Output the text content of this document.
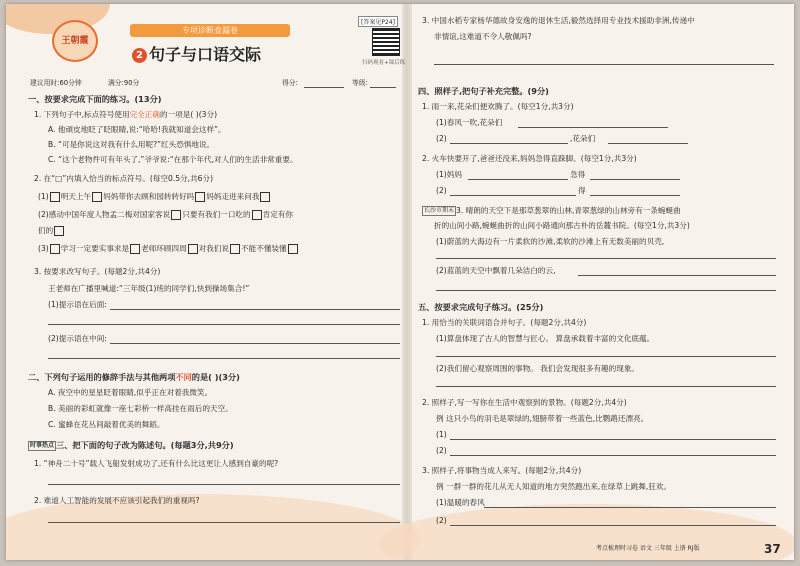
王朝霞
专项诊断查漏卷
2 句子与口语交际
[答案见P24]
扫码观看+课后练
建议用时:60分钟	满分:90分	得分:	等级:
一、按要求完成下面的练习。(13分)
1. 下列句子中,标点符号使用完全正确的一项是( )(3分)
A. 他頑皮地眨了眨眼睛,说:“哈哈!我就知道会这样”。
B. “可是你说这对我有什么用呢?”红头恐惧地说。
C. “这个老物件可有年头了,”爷爷说:“在那个年代,对人们的生活非常重要。
2. 在“□”内填入恰当的标点符号。(每空0.5分,共6分)
(1) 明天上午 妈妈带你去顾和园转转好吗 妈妈走进来问我
(2)感动中国年度人物孟二梅对国家客说 只要有我们一口吃的 肯定有你
们的
(3) 学习一定要实事求是 老师环顾四周 对我们说 不能不懂装懂
3. 按要求改写句子。(每题2分,共4分)
王老师在广播里喊道:“三年级(1)班的同学们,快到操场集合!”
(1)提示语在后面:
(2)提示语在中间:
二、下列句子运用的修辞手法与其他两项不同的是( )(3分)
A. 夜空中的星星眨着眼睛,似乎正在对着我微笑。
B. 美丽的彩虹就像一座七彩桥一样高挂在雨后的天空。
C. 蜜蜂在花丛间敲着优美的舞蹈。
时事热点 三、把下面的句子改为陈述句。(每题3分,共9分)
1. “神舟二十号”载人飞船发射成功了,还有什么比这更让人感到自豪的呢?
2. 难道人工智能的发展不应该引起我们的重视吗?
3. 中国水稻专家杨华德故身安逸的退休生活,毅然选择用专业技术援助非洲,传递中
非情谊,这难道不令人敬佩吗?
四、照样子,把句子补充完整。(9分)
1. 雨一来,花朵们便欢腾了。(每空1分,共3分)
(1)春风一吹,花朵们
(2)	,花朵们
2. 火车快要开了,爸爸还没来,妈妈急得直跺脚。(每空1分,共3分)
(1)妈妈	急得
(2)	得
长沙市期末 3. 晴朗的天空下是那草葱翠的山林,青翠葱绿的山林旁有一条蜿蜒曲
折的山间小路,蜿蜒曲折的山间小路通向那古朴的岳麓书院。(每空1分,共3分)
(1)蔚蓝的大海边有一片柔软的沙滩,柔软的沙滩上有无数美丽的贝壳,
(2)蓝蓝的天空中飘着几朵洁白的云,
五、按要求完成句子练习。(25分)
1. 用恰当的关联词语合并句子。(每题2分,共4分)
(1)算盘体现了古人的智慧与匠心。 算盘承载着丰富的文化底蕴。
(2)我们留心观察周围的事物。 我们会发现很多有趣的现象。
2. 照样子,写一写你在生活中观察到的景物。(每题2分,共4分)
例 这只小鸟的羽毛是翠绿的,翅膀带着一些蓝色,比鹦鹉还漂亮。
(1)
(2)
3. 照样子,将事物当成人来写。(每题2分,共4分)
例 一群一群的花儿从无人知道的地方突然跑出来,在绿草上跳舞,狂欢。
(1)温暖的春风
(2)
考点梳理时习卷 语文 三年级 上册 RJ版	37
